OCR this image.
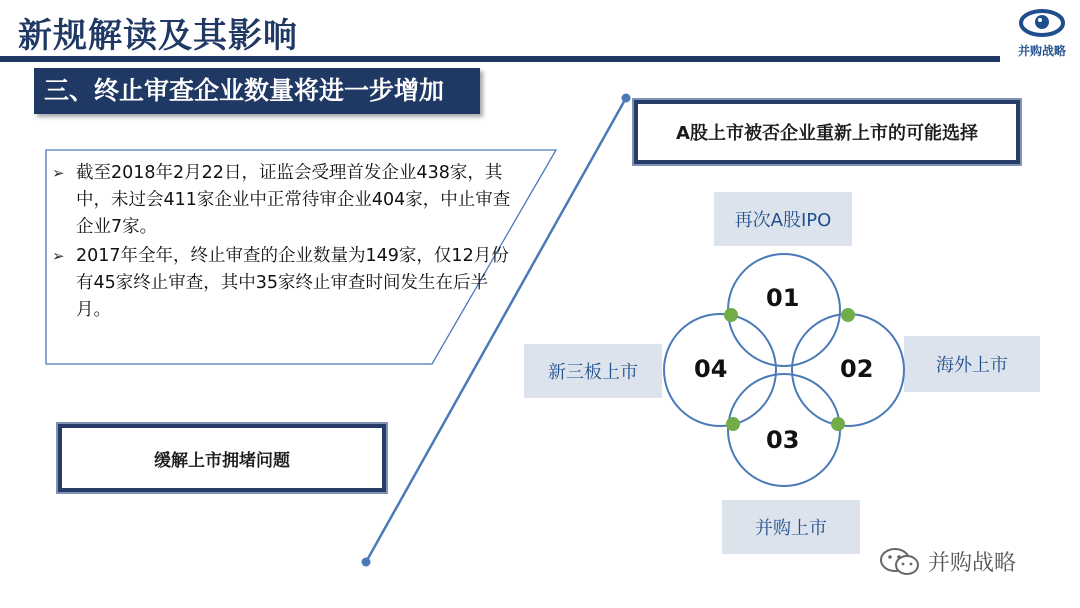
新规解读及其影响	并购战略
三、终止审查企业数量将进一步增加
➢ 截至2018年2月22日，证监会受理首发企业438家，其中，未过会411家企业中正常待审企业404家，中止审查企业7家。
➢ 2017年全年，终止审查的企业数量为149家，仅12月份有45家终止审查，其中35家终止审查时间发生在后半月。
缓解上市拥堵问题
A股上市被否企业重新上市的可能选择
再次A股IPO
海外上市
新三板上市
并购上市
01
02
03
04
并购战略
